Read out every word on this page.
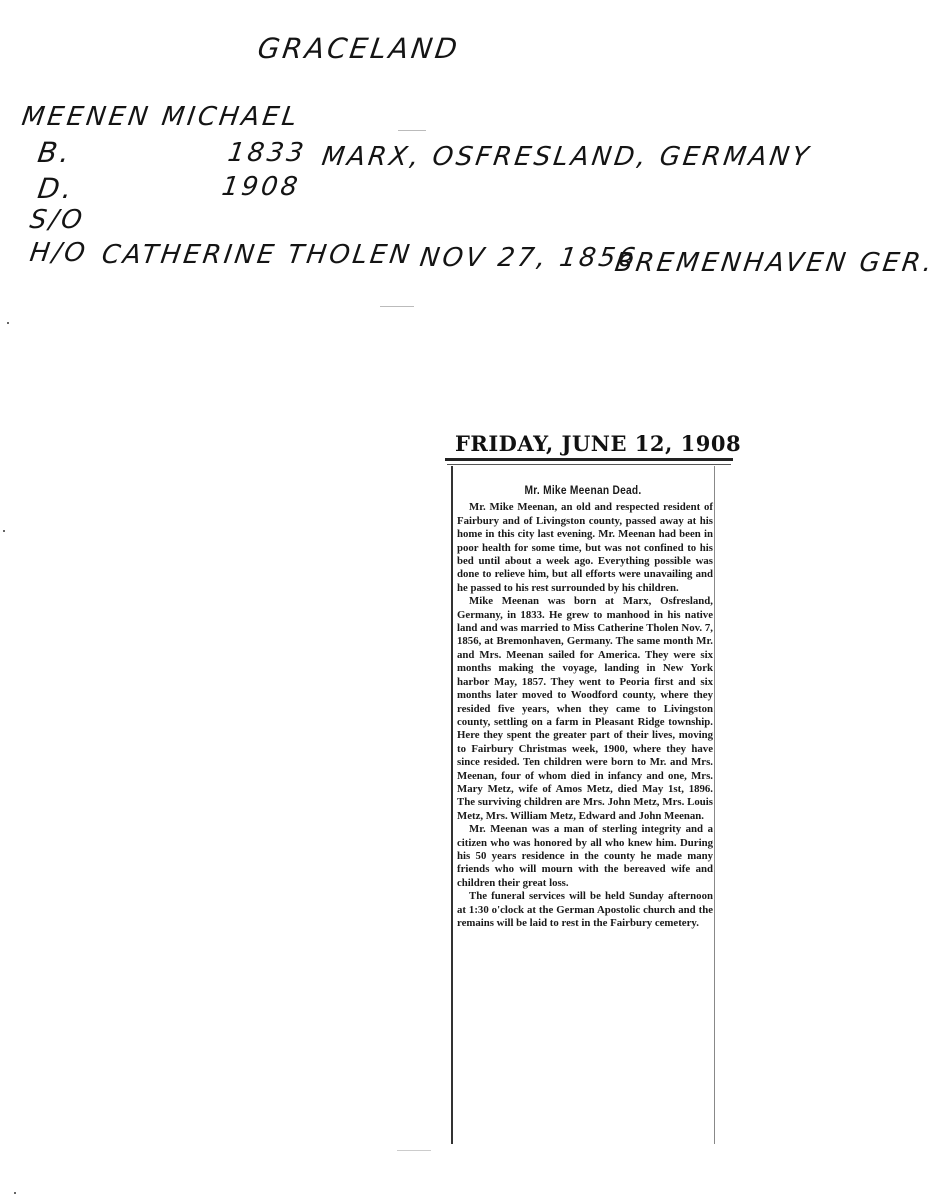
GRACELAND
MEENEN MICHAEL
B.	1833 MARX, OSFRESLAND, GERMANY
D.	1908
S/O
H/O CATHERINE THOLEN NOV 27, 1856
BREMENHAVEN GER.
FRIDAY, JUNE 12, 1908
Mr. Mike Meenan Dead.

Mr. Mike Meenan, an old and respected resident of Fairbury and of Livingston county, passed away at his home in this city last evening. Mr. Meenan had been in poor health for some time, but was not confined to his bed until about a week ago. Everything possible was done to relieve him, but all efforts were unavailing and he passed to his rest surrounded by his children.

Mike Meenan was born at Marx, Osfresland, Germany, in 1833. He grew to manhood in his native land and was married to Miss Catherine Tholen Nov. 7, 1856, at Bremonhaven, Germany. The same month Mr. and Mrs. Meenan sailed for America. They were six months making the voyage, landing in New York harbor May, 1857. They went to Peoria first and six months later moved to Woodford county, where they resided five years, when they came to Livingston county, settling on a farm in Pleasant Ridge township. Here they spent the greater part of their lives, moving to Fairbury Christmas week, 1900, where they have since resided. Ten children were born to Mr. and Mrs. Meenan, four of whom died in infancy and one, Mrs. Mary Metz, wife of Amos Metz, died May 1st, 1896. The surviving children are Mrs. John Metz, Mrs. Louis Metz, Mrs. William Metz, Edward and John Meenan.

Mr. Meenan was a man of sterling integrity and a citizen who was honored by all who knew him. During his 50 years residence in the county he made many friends who will mourn with the bereaved wife and children their great loss.

The funeral services will be held Sunday afternoon at 1:30 o'clock at the German Apostolic church and the remains will be laid to rest in the Fairbury cemetery.
